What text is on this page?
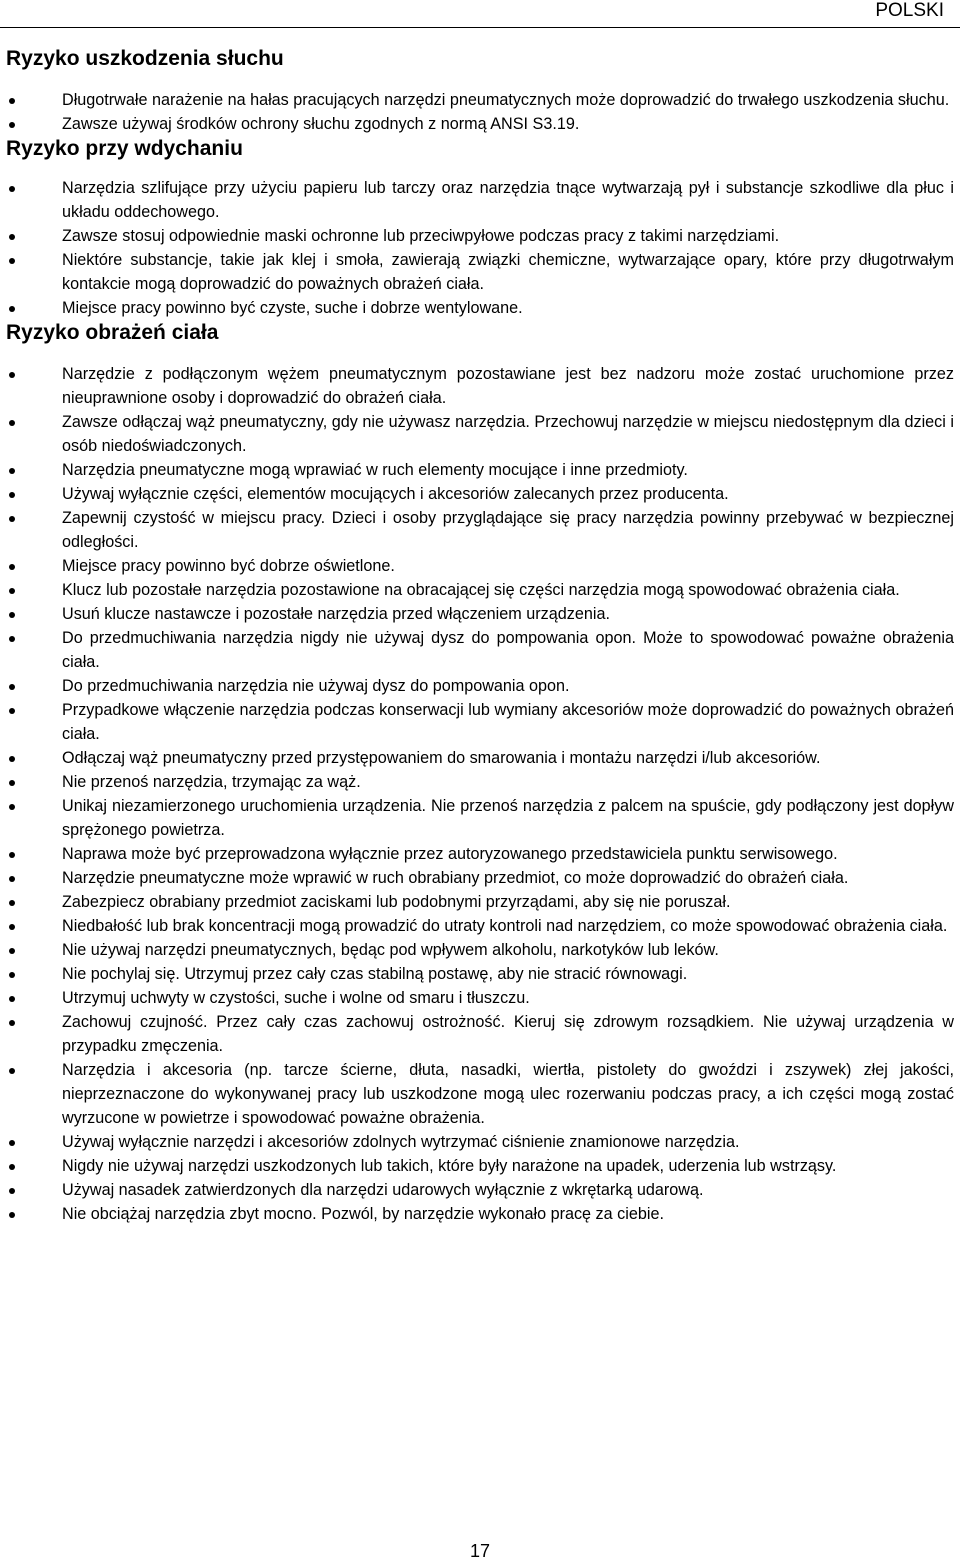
POLSKI
Ryzyko uszkodzenia słuchu
Długotrwałe narażenie na hałas pracujących narzędzi pneumatycznych może doprowadzić do trwałego uszkodzenia słuchu.
Zawsze używaj środków ochrony słuchu zgodnych z normą ANSI S3.19.
Ryzyko przy wdychaniu
Narzędzia szlifujące przy użyciu papieru lub tarczy oraz narzędzia tnące wytwarzają pył i substancje szkodliwe dla płuc i układu oddechowego.
Zawsze stosuj odpowiednie maski ochronne lub przeciwpyłowe podczas pracy z takimi narzędziami.
Niektóre substancje, takie jak klej i smoła, zawierają związki chemiczne, wytwarzające opary, które przy długotrwałym kontakcie mogą doprowadzić do poważnych obrażeń ciała.
Miejsce pracy powinno być czyste, suche i dobrze wentylowane.
Ryzyko obrażeń ciała
Narzędzie z podłączonym wężem pneumatycznym pozostawiane jest bez nadzoru może zostać uruchomione przez nieuprawnione osoby i doprowadzić do obrażeń ciała.
Zawsze odłączaj wąż pneumatyczny, gdy nie używasz narzędzia. Przechowuj narzędzie w miejscu niedostępnym dla dzieci i osób niedoświadczonych.
Narzędzia pneumatyczne mogą wprawiać w ruch elementy mocujące i inne przedmioty.
Używaj wyłącznie części, elementów mocujących i akcesoriów zalecanych przez producenta.
Zapewnij czystość w miejscu pracy. Dzieci i osoby przyglądające się pracy narzędzia powinny przebywać w bezpiecznej odległości.
Miejsce pracy powinno być dobrze oświetlone.
Klucz lub pozostałe narzędzia pozostawione na obracającej się części narzędzia mogą spowodować obrażenia ciała.
Usuń klucze nastawcze i pozostałe narzędzia przed włączeniem urządzenia.
Do przedmuchiwania narzędzia nigdy nie używaj dysz do pompowania opon. Może to spowodować poważne obrażenia ciała.
Do przedmuchiwania narzędzia nie używaj dysz do pompowania opon.
Przypadkowe włączenie narzędzia podczas konserwacji lub wymiany akcesoriów może doprowadzić do poważnych obrażeń ciała.
Odłączaj wąż pneumatyczny przed przystępowaniem do smarowania i montażu narzędzi i/lub akcesoriów.
Nie przenoś narzędzia, trzymając za wąż.
Unikaj niezamierzonego uruchomienia urządzenia. Nie przenoś narzędzia z palcem na spuście, gdy podłączony jest dopływ sprężonego powietrza.
Naprawa może być przeprowadzona wyłącznie przez autoryzowanego przedstawiciela punktu serwisowego.
Narzędzie pneumatyczne może wprawić w ruch obrabiany przedmiot, co może doprowadzić do obrażeń ciała.
Zabezpiecz obrabiany przedmiot zaciskami lub podobnymi przyrządami, aby się nie poruszał.
Niedbałość lub brak koncentracji mogą prowadzić do utraty kontroli nad narzędziem, co może spowodować obrażenia ciała.
Nie używaj narzędzi pneumatycznych, będąc pod wpływem alkoholu, narkotyków lub leków.
Nie pochylaj się. Utrzymuj przez cały czas stabilną postawę, aby nie stracić równowagi.
Utrzymuj uchwyty w czystości, suche i wolne od smaru i tłuszczu.
Zachowuj czujność. Przez cały czas zachowuj ostrożność. Kieruj się zdrowym rozsądkiem. Nie używaj urządzenia w przypadku zmęczenia.
Narzędzia i akcesoria (np. tarcze ścierne, dłuta, nasadki, wiertła, pistolety do gwoździ i zszywek) złej jakości, nieprzeznaczone do wykonywanej pracy lub uszkodzone mogą ulec rozerwaniu podczas pracy, a ich części mogą zostać wyrzucone w powietrze i spowodować poważne obrażenia.
Używaj wyłącznie narzędzi i akcesoriów zdolnych wytrzymać ciśnienie znamionowe narzędzia.
Nigdy nie używaj narzędzi uszkodzonych lub takich, które były narażone na upadek, uderzenia lub wstrząsy.
Używaj nasadek zatwierdzonych dla narzędzi udarowych wyłącznie z wkrętarką udarową.
Nie obciążaj narzędzia zbyt mocno. Pozwól, by narzędzie wykonało pracę za ciebie.
17
